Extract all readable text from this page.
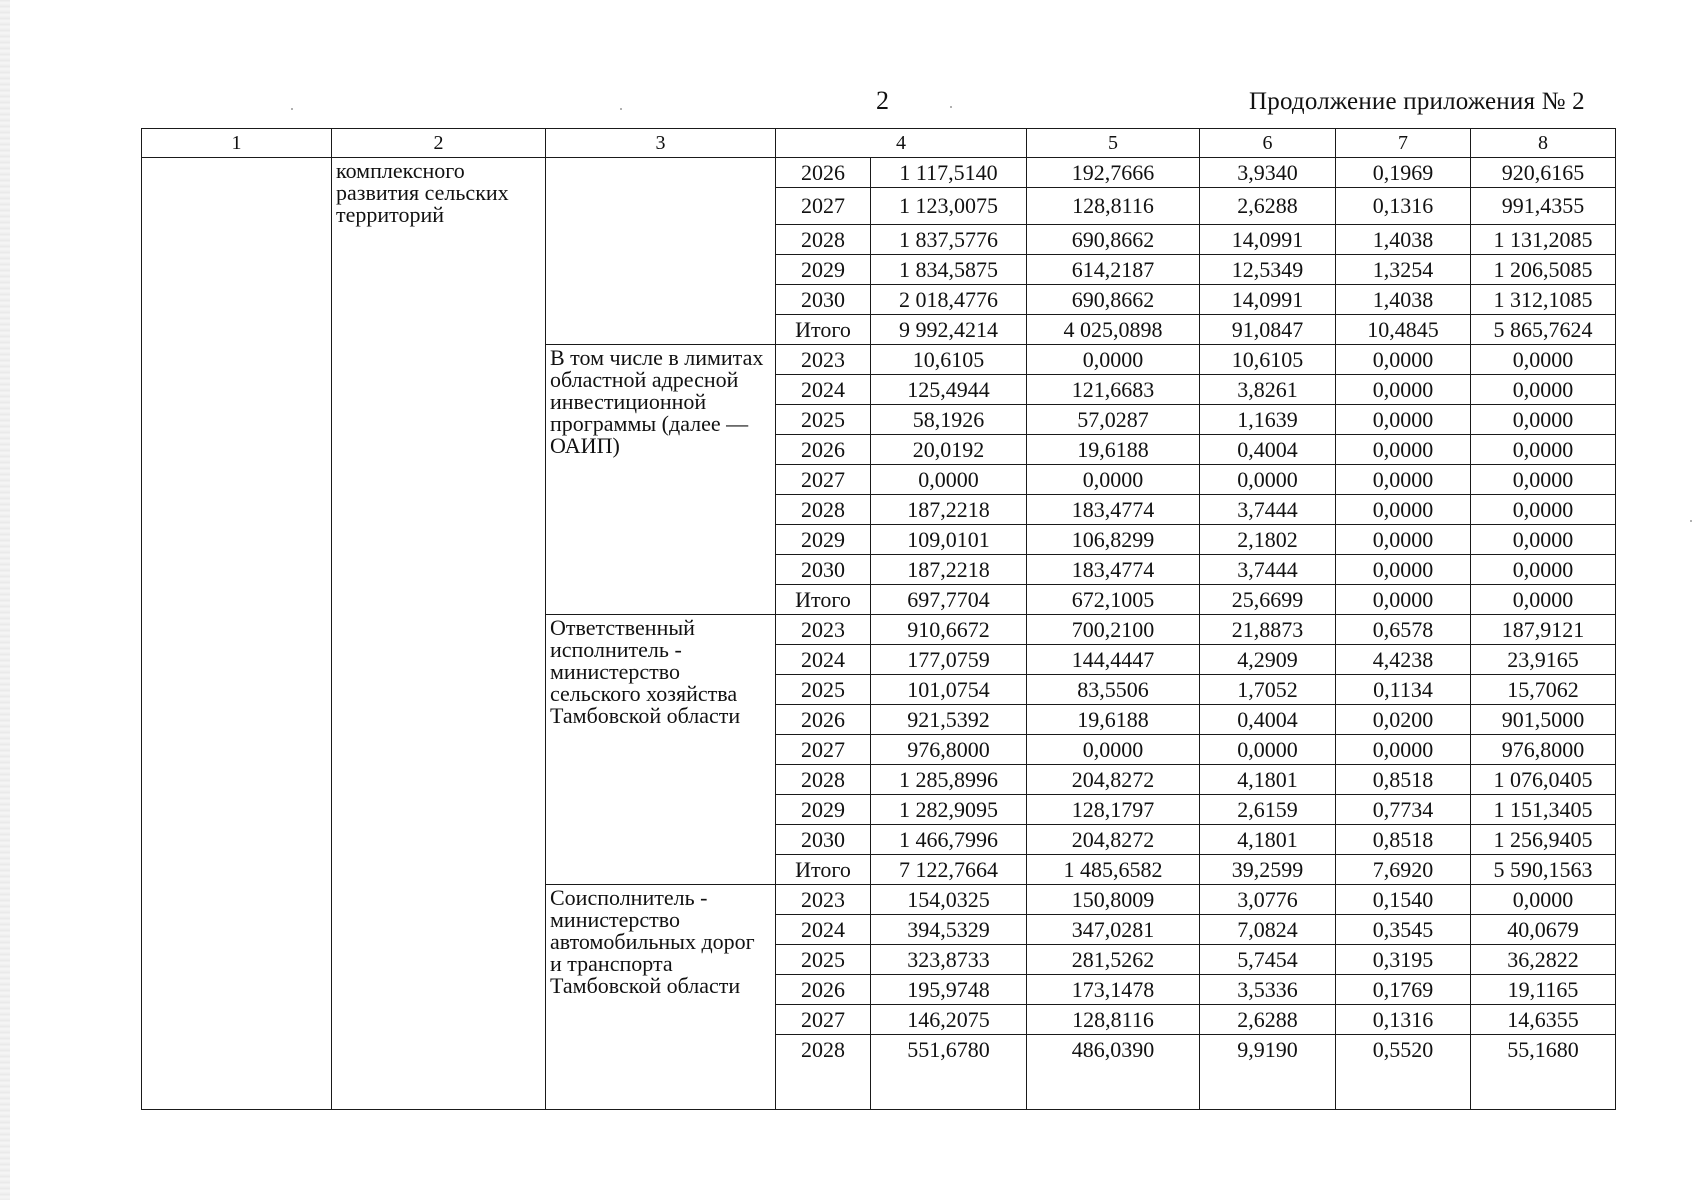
2	Продолжение приложения № 2
1	2	3	4		5	6	7	8
	комплексного развития сельских территорий		2026	1 117,5140	192,7666	3,9340	0,1969	920,6165
			2027	1 123,0075	128,8116	2,6288	0,1316	991,4355
			2028	1 837,5776	690,8662	14,0991	1,4038	1 131,2085
			2029	1 834,5875	614,2187	12,5349	1,3254	1 206,5085
			2030	2 018,4776	690,8662	14,0991	1,4038	1 312,1085
			Итого	9 992,4214	4 025,0898	91,0847	10,4845	5 865,7624
		В том числе в лимитах областной адресной инвестиционной программы (далее — ОАИП)	2023	10,6105	0,0000	10,6105	0,0000	0,0000
			2024	125,4944	121,6683	3,8261	0,0000	0,0000
			2025	58,1926	57,0287	1,1639	0,0000	0,0000
			2026	20,0192	19,6188	0,4004	0,0000	0,0000
			2027	0,0000	0,0000	0,0000	0,0000	0,0000
			2028	187,2218	183,4774	3,7444	0,0000	0,0000
			2029	109,0101	106,8299	2,1802	0,0000	0,0000
			2030	187,2218	183,4774	3,7444	0,0000	0,0000
			Итого	697,7704	672,1005	25,6699	0,0000	0,0000
		Ответственный исполнитель - министерство сельского хозяйства Тамбовской области	2023	910,6672	700,2100	21,8873	0,6578	187,9121
			2024	177,0759	144,4447	4,2909	4,4238	23,9165
			2025	101,0754	83,5506	1,7052	0,1134	15,7062
			2026	921,5392	19,6188	0,4004	0,0200	901,5000
			2027	976,8000	0,0000	0,0000	0,0000	976,8000
			2028	1 285,8996	204,8272	4,1801	0,8518	1 076,0405
			2029	1 282,9095	128,1797	2,6159	0,7734	1 151,3405
			2030	1 466,7996	204,8272	4,1801	0,8518	1 256,9405
			Итого	7 122,7664	1 485,6582	39,2599	7,6920	5 590,1563
		Соисполнитель - министерство автомобильных дорог и транспорта Тамбовской области	2023	154,0325	150,8009	3,0776	0,1540	0,0000
			2024	394,5329	347,0281	7,0824	0,3545	40,0679
			2025	323,8733	281,5262	5,7454	0,3195	36,2822
			2026	195,9748	173,1478	3,5336	0,1769	19,1165
			2027	146,2075	128,8116	2,6288	0,1316	14,6355
			2028	551,6780	486,0390	9,9190	0,5520	55,1680
